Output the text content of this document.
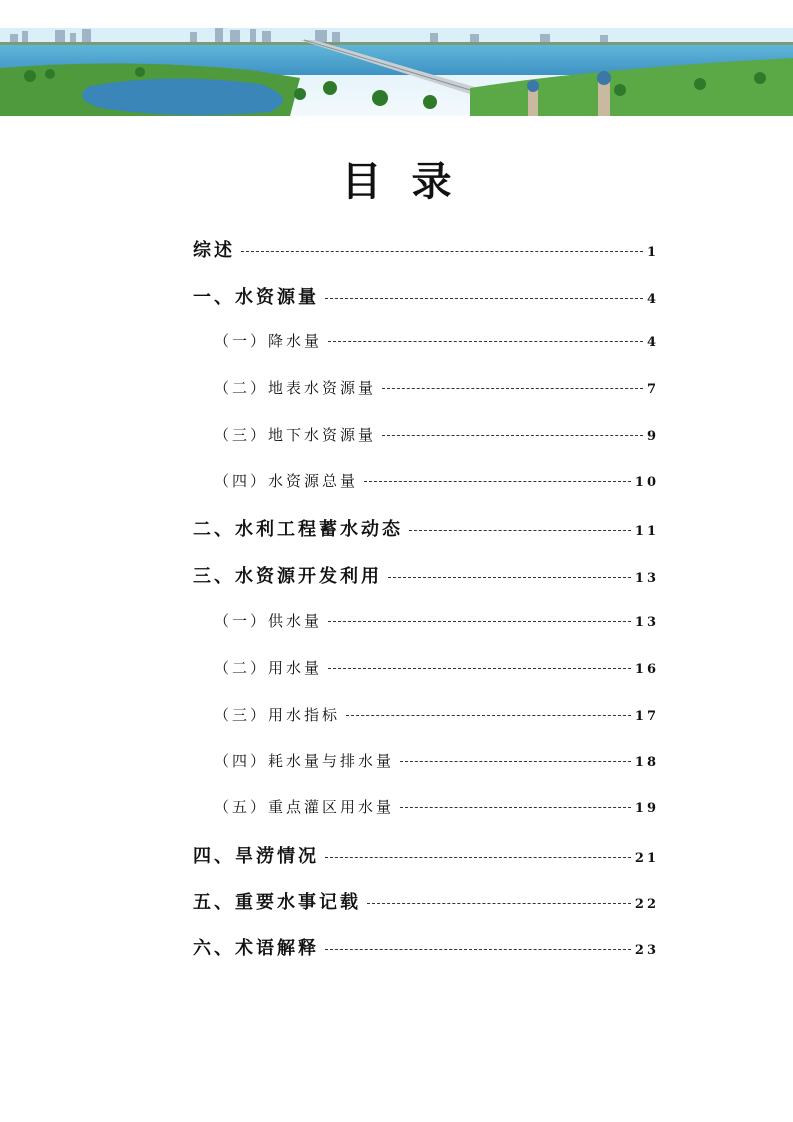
目录
综述	1
一、水资源量	4
（一）降水量	4
（二）地表水资源量	7
（三）地下水资源量	9
（四）水资源总量	10
二、水利工程蓄水动态	11
三、水资源开发利用	13
（一）供水量	13
（二）用水量	16
（三）用水指标	17
（四）耗水量与排水量	18
（五）重点灌区用水量	19
四、旱涝情况	21
五、重要水事记载	22
六、术语解释	23
